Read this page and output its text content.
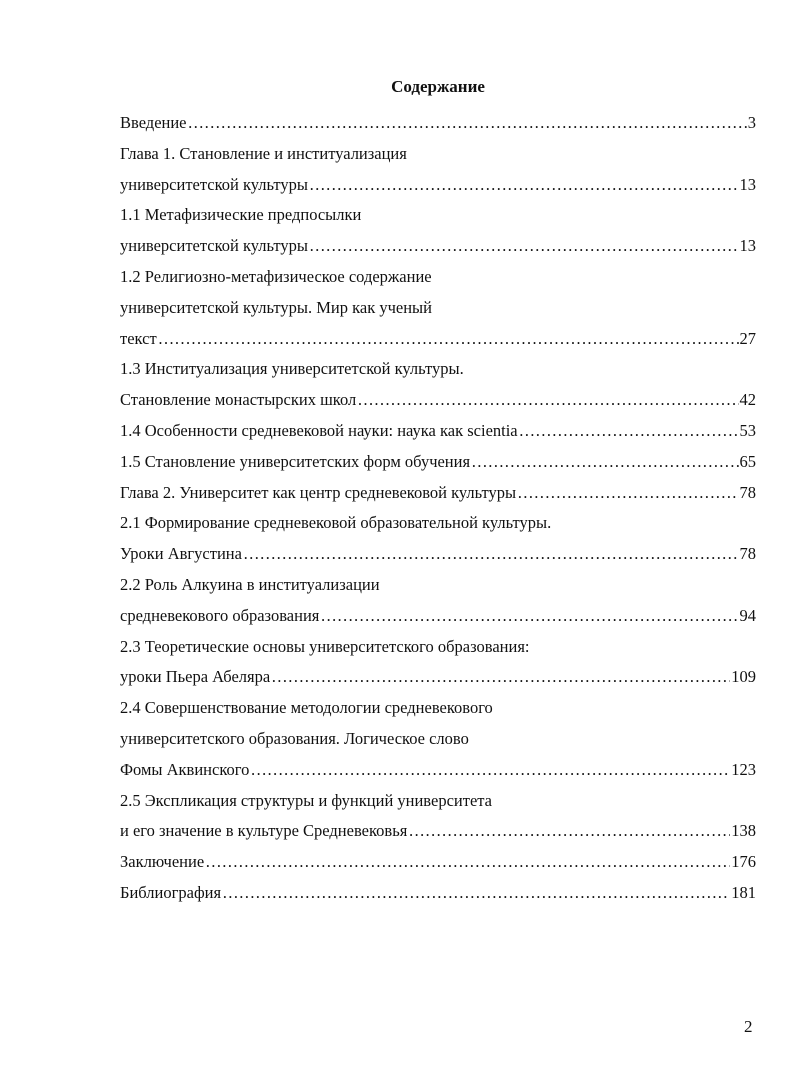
Содержание
Введение ……………………………………………………………………………………………………………………………………………………………………	3
Глава 1. Становление и институализация
университетской культуры ……………………………………………………………………………………………………………………………………………………………………	13
1.1 Метафизические предпосылки
университетской культуры ……………………………………………………………………………………………………………………………………………………………………	13
1.2 Религиозно-метафизическое содержание
университетской культуры. Мир как ученый
текст ……………………………………………………………………………………………………………………………………………………………………	27
1.3 Институализация университетской культуры.
Становление монастырских школ ……………………………………………………………………………………………………………………………………………………………………	42
1.4 Особенности средневековой науки: наука как scientia ……………………………………………………………………………………………………………………………………………………………………	53
1.5 Становление университетских форм обучения ……………………………………………………………………………………………………………………………………………………………………	65
Глава 2. Университет как центр средневековой культуры ……………………………………………………………………………………………………………………………………………………………………	78
2.1 Формирование средневековой образовательной культуры.
Уроки Августина ……………………………………………………………………………………………………………………………………………………………………	78
2.2 Роль Алкуина в институализации
средневекового образования ……………………………………………………………………………………………………………………………………………………………………	94
2.3 Теоретические основы университетского образования:
уроки Пьера Абеляра ……………………………………………………………………………………………………………………………………………………………………	109
2.4 Совершенствование методологии средневекового
университетского образования. Логическое слово
Фомы Аквинского ……………………………………………………………………………………………………………………………………………………………………	123
2.5 Экспликация структуры и функций университета
и его значение в культуре Средневековья ……………………………………………………………………………………………………………………………………………………………………	138
Заключение ……………………………………………………………………………………………………………………………………………………………………	176
Библиография ……………………………………………………………………………………………………………………………………………………………………	181
2
